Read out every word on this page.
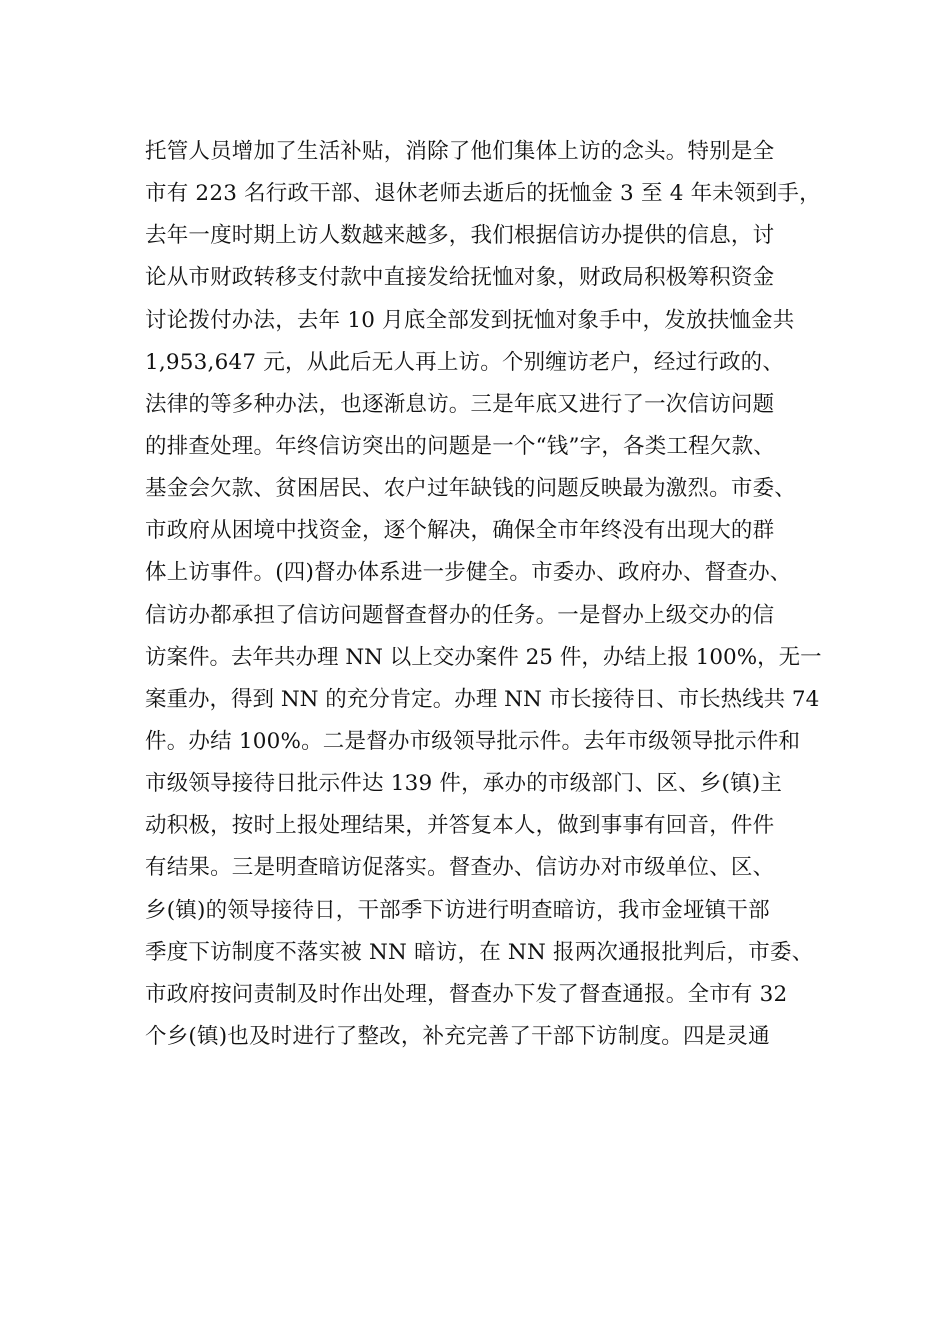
托管人员增加了生活补贴，消除了他们集体上访的念头。特别是全
市有 223 名行政干部、退休老师去逝后的抚恤金 3 至 4 年未领到手，
去年一度时期上访人数越来越多，我们根据信访办提供的信息，讨
论从市财政转移支付款中直接发给抚恤对象，财政局积极筹积资金
讨论拨付办法，去年 10 月底全部发到抚恤对象手中，发放扶恤金共
1,953,647 元，从此后无人再上访。个别缠访老户，经过行政的、
法律的等多种办法，也逐渐息访。三是年底又进行了一次信访问题
的排查处理。年终信访突出的问题是一个“钱”字，各类工程欠款、
基金会欠款、贫困居民、农户过年缺钱的问题反映最为激烈。市委、
市政府从困境中找资金，逐个解决，确保全市年终没有出现大的群
体上访事件。(四)督办体系进一步健全。市委办、政府办、督查办、
信访办都承担了信访问题督查督办的任务。一是督办上级交办的信
访案件。去年共办理 NN 以上交办案件 25 件，办结上报 100%，无一
案重办，得到 NN 的充分肯定。办理 NN 市长接待日、市长热线共 74
件。办结 100%。二是督办市级领导批示件。去年市级领导批示件和
市级领导接待日批示件达 139 件，承办的市级部门、区、乡(镇)主
动积极，按时上报处理结果，并答复本人，做到事事有回音，件件
有结果。三是明查暗访促落实。督查办、信访办对市级单位、区、
乡(镇)的领导接待日，干部季下访进行明查暗访，我市金垭镇干部
季度下访制度不落实被 NN 暗访，在 NN 报两次通报批判后，市委、
市政府按问责制及时作出处理，督查办下发了督查通报。全市有 32
个乡(镇)也及时进行了整改，补充完善了干部下访制度。四是灵通
